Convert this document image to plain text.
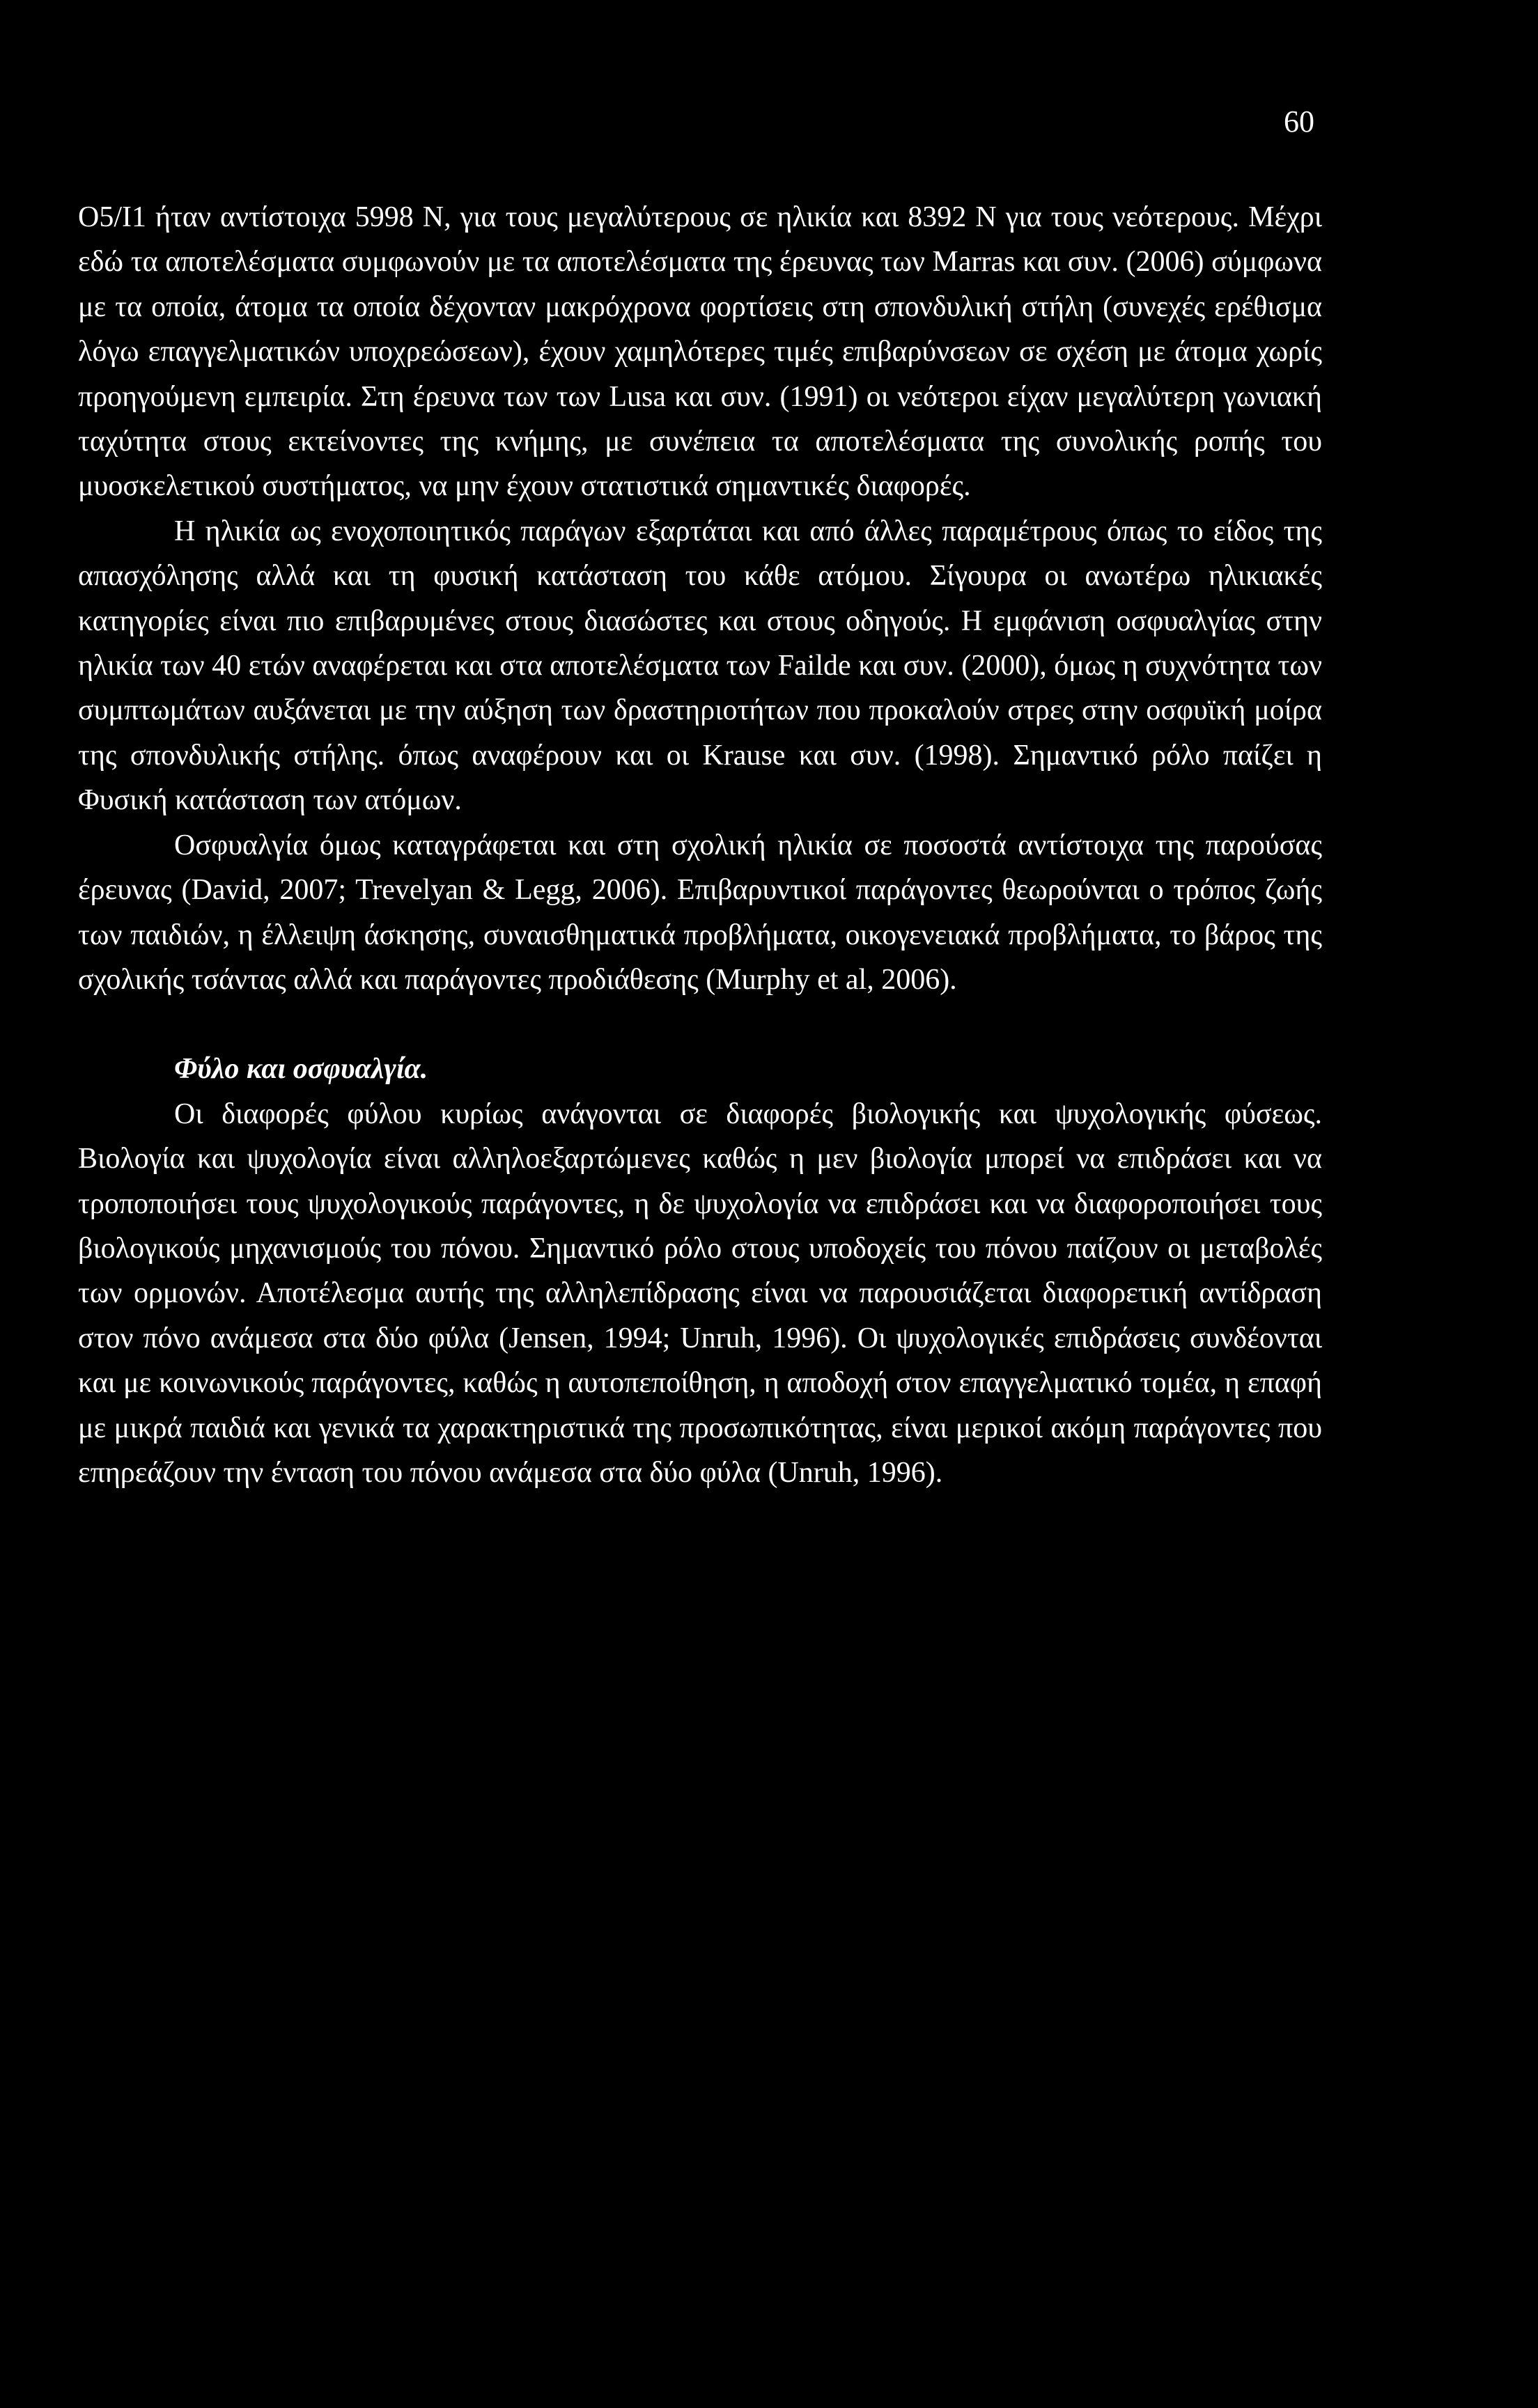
60

Ο5/Ι1 ήταν αντίστοιχα 5998 Ν, για τους μεγαλύτερους σε ηλικία και 8392 Ν για τους νεότερους. Μέχρι εδώ τα αποτελέσματα συμφωνούν με τα αποτελέσματα της έρευνας των Marras και συν. (2006) σύμφωνα με τα οποία, άτομα τα οποία δέχονταν μακρόχρονα φορτίσεις στη σπονδυλική στήλη (συνεχές ερέθισμα λόγω επαγγελματικών υποχρεώσεων), έχουν χαμηλότερες τιμές επιβαρύνσεων σε σχέση με άτομα χωρίς προηγούμενη εμπειρία. Στη έρευνα των των Lusa και συν. (1991) οι νεότεροι είχαν μεγαλύτερη γωνιακή ταχύτητα στους εκτείνοντες της κνήμης, με συνέπεια τα αποτελέσματα της συνολικής ροπής του μυοσκελετικού συστήματος, να μην έχουν στατιστικά σημαντικές διαφορές.

Η ηλικία ως ενοχοποιητικός παράγων εξαρτάται και από άλλες παραμέτρους όπως το είδος της απασχόλησης αλλά και τη φυσική κατάσταση του κάθε ατόμου. Σίγουρα οι ανωτέρω ηλικιακές κατηγορίες είναι πιο επιβαρυμένες στους διασώστες και στους οδηγούς. Η εμφάνιση οσφυαλγίας στην ηλικία των 40 ετών αναφέρεται και στα αποτελέσματα των Failde και συν. (2000), όμως η συχνότητα των συμπτωμάτων αυξάνεται με την αύξηση των δραστηριοτήτων που προκαλούν στρες στην οσφυϊκή μοίρα της σπονδυλικής στήλης. όπως αναφέρουν και οι Krause και συν. (1998). Σημαντικό ρόλο παίζει η Φυσική κατάσταση των ατόμων.

Οσφυαλγία όμως καταγράφεται και στη σχολική ηλικία σε ποσοστά αντίστοιχα της παρούσας έρευνας (David, 2007; Trevelyan & Legg, 2006). Επιβαρυντικοί παράγοντες θεωρούνται ο τρόπος ζωής των παιδιών, η έλλειψη άσκησης, συναισθηματικά προβλήματα, οικογενειακά προβλήματα, το βάρος της σχολικής τσάντας αλλά και παράγοντες προδιάθεσης (Murphy et al, 2006).

Φύλο και οσφυαλγία.

Οι διαφορές φύλου κυρίως ανάγονται σε διαφορές βιολογικής και ψυχολογικής φύσεως. Βιολογία και ψυχολογία είναι αλληλοεξαρτώμενες καθώς η μεν βιολογία μπορεί να επιδράσει και να τροποποιήσει τους ψυχολογικούς παράγοντες, η δε ψυχολογία να επιδράσει και να διαφοροποιήσει τους βιολογικούς μηχανισμούς του πόνου. Σημαντικό ρόλο στους υποδοχείς του πόνου παίζουν οι μεταβολές των ορμονών. Αποτέλεσμα αυτής της αλληλεπίδρασης είναι να παρουσιάζεται διαφορετική αντίδραση στον πόνο ανάμεσα στα δύο φύλα (Jensen, 1994; Unruh, 1996). Οι ψυχολογικές επιδράσεις συνδέονται και με κοινωνικούς παράγοντες, καθώς η αυτοπεποίθηση, η αποδοχή στον επαγγελματικό τομέα, η επαφή με μικρά παιδιά και γενικά τα χαρακτηριστικά της προσωπικότητας, είναι μερικοί ακόμη παράγοντες που επηρεάζουν την ένταση του πόνου ανάμεσα στα δύο φύλα (Unruh, 1996).
